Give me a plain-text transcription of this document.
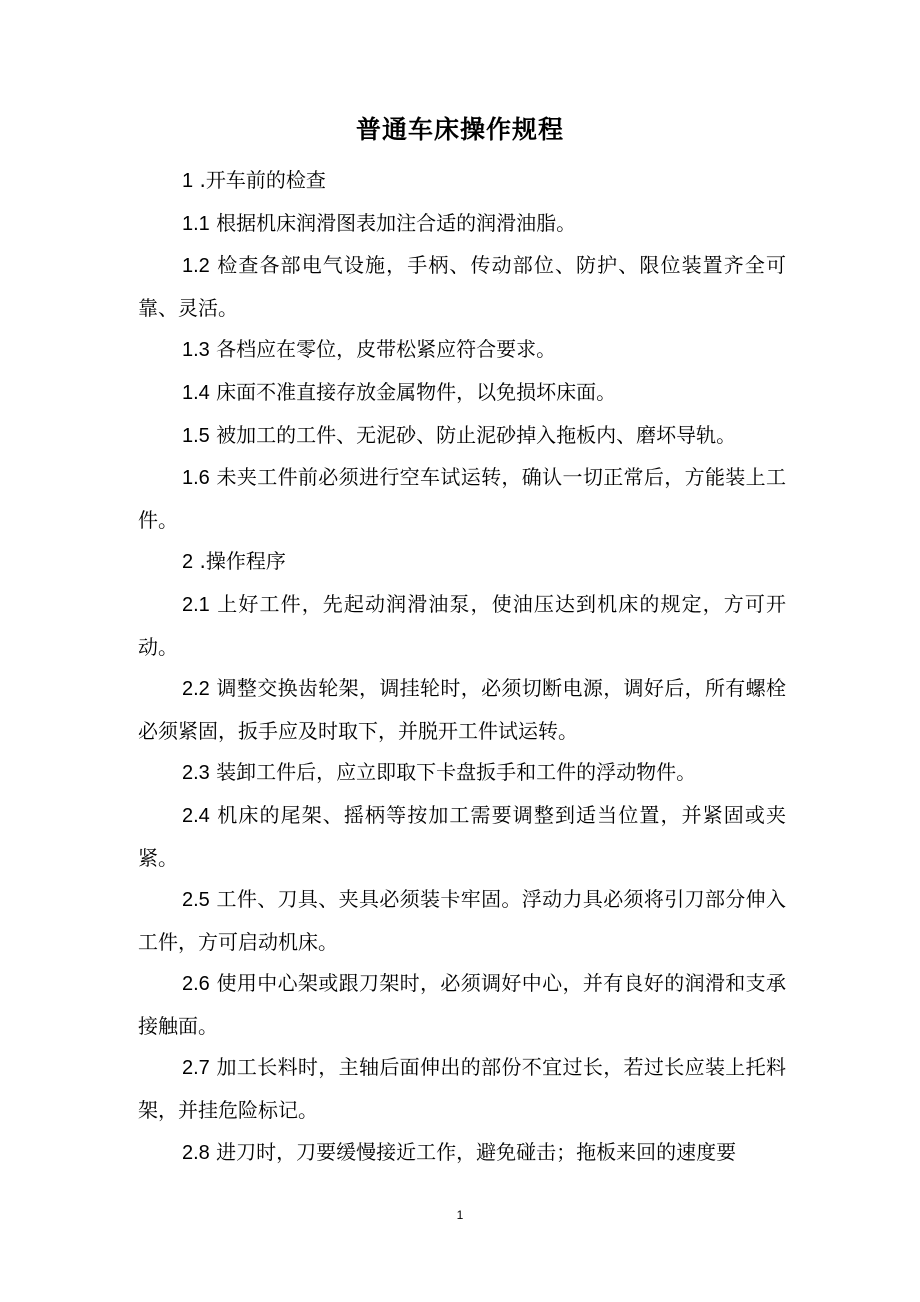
普通车床操作规程

1 .开车前的检查

1.1 根据机床润滑图表加注合适的润滑油脂。

1.2 检查各部电气设施，手柄、传动部位、防护、限位装置齐全可靠、灵活。

1.3 各档应在零位，皮带松紧应符合要求。

1.4 床面不准直接存放金属物件，以免损坏床面。

1.5 被加工的工件、无泥砂、防止泥砂掉入拖板内、磨坏导轨。

1.6 未夹工件前必须进行空车试运转，确认一切正常后，方能装上工件。

2 .操作程序

2.1 上好工件，先起动润滑油泵，使油压达到机床的规定，方可开动。

2.2 调整交换齿轮架，调挂轮时，必须切断电源，调好后，所有螺栓必须紧固，扳手应及时取下，并脱开工件试运转。

2.3 装卸工件后，应立即取下卡盘扳手和工件的浮动物件。

2.4 机床的尾架、摇柄等按加工需要调整到适当位置，并紧固或夹紧。

2.5 工件、刀具、夹具必须装卡牢固。浮动力具必须将引刀部分伸入工件，方可启动机床。

2.6 使用中心架或跟刀架时，必须调好中心，并有良好的润滑和支承接触面。

2.7 加工长料时，主轴后面伸出的部份不宜过长，若过长应装上托料架，并挂危险标记。

2.8 进刀时，刀要缓慢接近工作，避免碰击；拖板来回的速度要

1
